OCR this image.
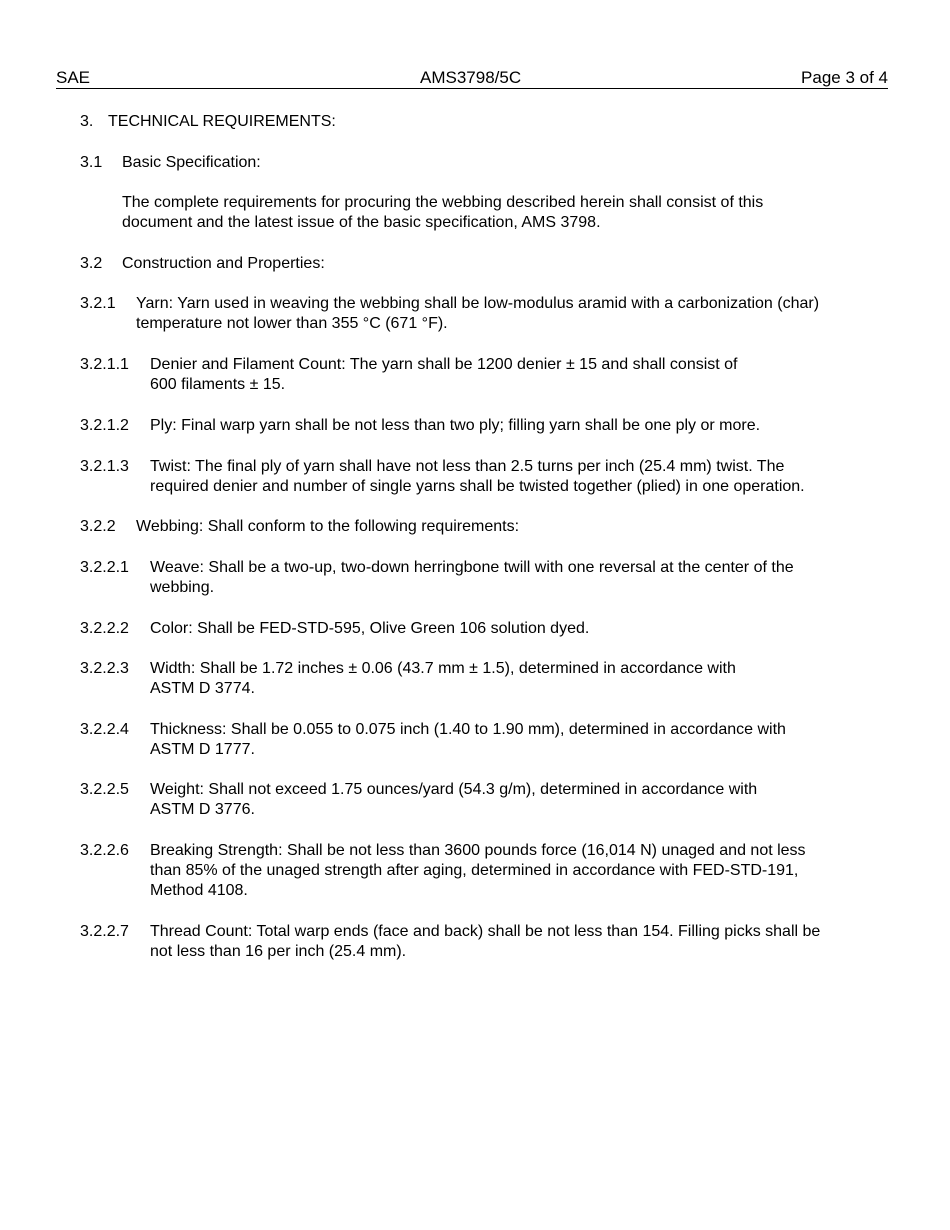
SAE	AMS3798/5C	Page 3 of 4
3. TECHNICAL REQUIREMENTS:
3.1 Basic Specification:
The complete requirements for procuring the webbing described herein shall consist of this
document and the latest issue of the basic specification, AMS 3798.
3.2 Construction and Properties:
3.2.1 Yarn: Yarn used in weaving the webbing shall be low-modulus aramid with a carbonization (char)
temperature not lower than 355 °C (671 °F).
3.2.1.1 Denier and Filament Count: The yarn shall be 1200 denier ± 15 and shall consist of
600 filaments ± 15.
3.2.1.2 Ply: Final warp yarn shall be not less than two ply; filling yarn shall be one ply or more.
3.2.1.3 Twist: The final ply of yarn shall have not less than 2.5 turns per inch (25.4 mm) twist. The
required denier and number of single yarns shall be twisted together (plied) in one operation.
3.2.2 Webbing: Shall conform to the following requirements:
3.2.2.1 Weave: Shall be a two-up, two-down herringbone twill with one reversal at the center of the
webbing.
3.2.2.2 Color: Shall be FED-STD-595, Olive Green 106 solution dyed.
3.2.2.3 Width: Shall be 1.72 inches ± 0.06 (43.7 mm ± 1.5), determined in accordance with
ASTM D 3774.
3.2.2.4 Thickness: Shall be 0.055 to 0.075 inch (1.40 to 1.90 mm), determined in accordance with
ASTM D 1777.
3.2.2.5 Weight: Shall not exceed 1.75 ounces/yard (54.3 g/m), determined in accordance with
ASTM D 3776.
3.2.2.6 Breaking Strength: Shall be not less than 3600 pounds force (16,014 N) unaged and not less
than 85% of the unaged strength after aging, determined in accordance with FED-STD-191,
Method 4108.
3.2.2.7 Thread Count: Total warp ends (face and back) shall be not less than 154. Filling picks shall be
not less than 16 per inch (25.4 mm).
